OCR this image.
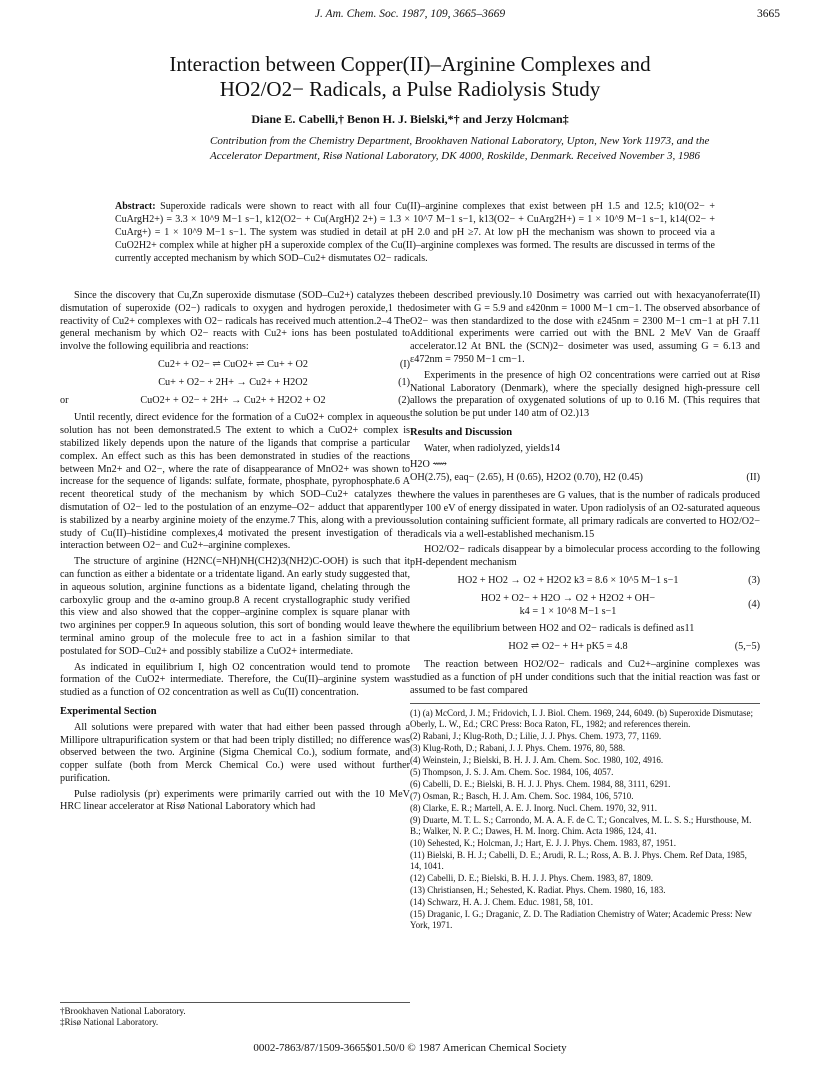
J. Am. Chem. Soc. 1987, 109, 3665–3669	3665
Interaction between Copper(II)–Arginine Complexes and
HO2/O2− Radicals, a Pulse Radiolysis Study
Diane E. Cabelli,† Benon H. J. Bielski,*† and Jerzy Holcman‡
Contribution from the Chemistry Department, Brookhaven National Laboratory, Upton, New York 11973, and the Accelerator Department, Risø National Laboratory, DK 4000, Roskilde, Denmark. Received November 3, 1986
Abstract: Superoxide radicals were shown to react with all four Cu(II)–arginine complexes that exist between pH 1.5 and 12.5; k10(O2− + CuArgH2+) = 3.3 × 10^9 M−1 s−1, k12(O2− + Cu(ArgH)2 2+) = 1.3 × 10^7 M−1 s−1, k13(O2− + CuArg2H+) = 1 × 10^9 M−1 s−1, k14(O2− + CuArg+) = 1 × 10^9 M−1 s−1. The system was studied in detail at pH 2.0 and pH ≥7. At low pH the mechanism was shown to proceed via a CuO2H2+ complex while at higher pH a superoxide complex of the Cu(II)–arginine complexes was formed. The results are discussed in terms of the currently accepted mechanism by which SOD–Cu2+ dismutates O2− radicals.

Since the discovery that Cu,Zn superoxide dismutase (SOD–Cu2+) catalyzes the dismutation of superoxide (O2−) radicals to oxygen and hydrogen peroxide,1 the reactivity of Cu2+ complexes with O2− radicals has received much attention.2–4 The general mechanism by which O2− reacts with Cu2+ ions has been postulated to involve the following equilibria and reactions:

Cu2+ + O2− ⇌ CuO2+ ⇌ Cu+ + O2	(I)
Cu+ + O2− + 2H+ → Cu2+ + H2O2	(1)
or	CuO2+ + O2− + 2H+ → Cu2+ + H2O2 + O2	(2)

Until recently, direct evidence for the formation of a CuO2+ complex in aqueous solution has not been demonstrated.5 The extent to which a CuO2+ complex is stabilized likely depends upon the nature of the ligands that comprise a particular complex. An effect such as this has been demonstrated in studies of the reactions between Mn2+ and O2−, where the rate of disappearance of MnO2+ was shown to increase for the sequence of ligands: sulfate, formate, phosphate, pyrophosphate.6 A recent theoretical study of the mechanism by which SOD–Cu2+ catalyzes the dismutation of O2− led to the postulation of an enzyme–O2− adduct that apparently is stabilized by a nearby arginine moiety of the enzyme.7 This, along with a previous study of Cu(II)–histidine complexes,4 motivated the present investigation of the interaction between O2− and Cu2+–arginine complexes.

The structure of arginine (H2NC(=NH)NH(CH2)3(NH2)C-OOH) is such that it can function as either a bidentate or a tridentate ligand. An early study suggested that, in aqueous solution, arginine functions as a bidentate ligand, chelating through the carboxylic group and the α-amino group.8 A recent crystallographic study verified this view and also showed that the copper–arginine complex is square planar with two arginines per copper.9 In aqueous solution, this sort of bonding would leave the terminal amino group of the molecule free to act in a fashion similar to that postulated for SOD–Cu2+ and possibly stabilize a CuO2+ intermediate.

As indicated in equilibrium I, high O2 concentration would tend to promote formation of the CuO2+ intermediate. Therefore, the Cu(II)–arginine system was studied as a function of O2 concentration as well as Cu(II) concentration.

Experimental Section

All solutions were prepared with water that had either been passed through a Millipore ultrapurification system or that had been triply distilled; no difference was observed between the two. Arginine (Sigma Chemical Co.), sodium formate, and copper sulfate (both from Merck Chemical Co.) were used without further purification.

Pulse radiolysis (pr) experiments were primarily carried out with the 10 MeV HRC linear accelerator at Risø National Laboratory which had

†Brookhaven National Laboratory.
‡Risø National Laboratory.

been described previously.10 Dosimetry was carried out with hexacyanoferrate(II) dosimeter with G = 5.9 and ε420nm = 1000 M−1 cm−1. The observed absorbance of O2− was then standardized to the dose with ε245nm = 2300 M−1 cm−1 at pH 7.11 Additional experiments were carried out with the BNL 2 MeV Van de Graaff accelerator.12 At BNL the (SCN)2− dosimeter was used, assuming G = 6.13 and ε472nm = 7950 M−1 cm−1.

Experiments in the presence of high O2 concentrations were carried out at Risø National Laboratory (Denmark), where the specially designed high-pressure cell allows the preparation of oxygenated solutions of up to 0.16 M. (This requires that the solution be put under 140 atm of O2.)13

Results and Discussion

Water, when radiolyzed, yields14

H2O ⟿
OH(2.75), eaq− (2.65), H (0.65), H2O2 (0.70), H2 (0.45)	(II)

where the values in parentheses are G values, that is the number of radicals produced per 100 eV of energy dissipated in water. Upon radiolysis of an O2-saturated aqueous solution containing sufficient formate, all primary radicals are converted to HO2/O2− radicals via a well-established mechanism.15

HO2/O2− radicals disappear by a bimolecular process according to the following pH-dependent mechanism

HO2 + HO2 → O2 + H2O2 k3 = 8.6 × 10^5 M−1 s−1	(3)
HO2 + O2− + H2O → O2 + H2O2 + OH−
k4 = 1 × 10^8 M−1 s−1
(4)

where the equilibrium between HO2 and O2− radicals is defined as11

HO2 ⇌ O2− + H+ pK5 = 4.8	(5,−5)

The reaction between HO2/O2− radicals and Cu2+–arginine complexes was studied as a function of pH under conditions such that the initial reaction was fast or assumed to be fast compared

(1) (a) McCord, J. M.; Fridovich, I. J. Biol. Chem. 1969, 244, 6049. (b) Superoxide Dismutase; Oberly, L. W., Ed.; CRC Press: Boca Raton, FL, 1982; and references therein.
(2) Rabani, J.; Klug-Roth, D.; Lilie, J. J. Phys. Chem. 1973, 77, 1169.
(3) Klug-Roth, D.; Rabani, J. J. Phys. Chem. 1976, 80, 588.
(4) Weinstein, J.; Bielski, B. H. J. J. Am. Chem. Soc. 1980, 102, 4916.
(5) Thompson, J. S. J. Am. Chem. Soc. 1984, 106, 4057.
(6) Cabelli, D. E.; Bielski, B. H. J. J. Phys. Chem. 1984, 88, 3111, 6291.
(7) Osman, R.; Basch, H. J. Am. Chem. Soc. 1984, 106, 5710.
(8) Clarke, E. R.; Martell, A. E. J. Inorg. Nucl. Chem. 1970, 32, 911.
(9) Duarte, M. T. L. S.; Carrondo, M. A. A. F. de C. T.; Goncalves, M. L. S. S.; Hursthouse, M. B.; Walker, N. P. C.; Dawes, H. M. Inorg. Chim. Acta 1986, 124, 41.
(10) Sehested, K.; Holcman, J.; Hart, E. J. J. Phys. Chem. 1983, 87, 1951.
(11) Bielski, B. H. J.; Cabelli, D. E.; Arudi, R. L.; Ross, A. B. J. Phys. Chem. Ref Data, 1985, 14, 1041.
(12) Cabelli, D. E.; Bielski, B. H. J. J. Phys. Chem. 1983, 87, 1809.
(13) Christiansen, H.; Sehested, K. Radiat. Phys. Chem. 1980, 16, 183.
(14) Schwarz, H. A. J. Chem. Educ. 1981, 58, 101.
(15) Draganic, I. G.; Draganic, Z. D. The Radiation Chemistry of Water; Academic Press: New York, 1971.
0002-7863/87/1509-3665$01.50/0 © 1987 American Chemical Society
